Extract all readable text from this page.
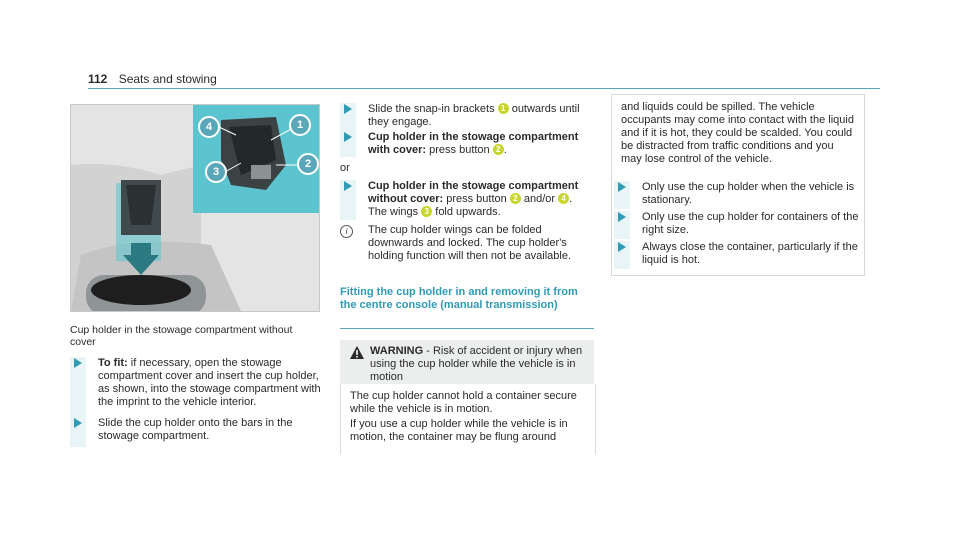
112 Seats and stowing
4	1
2
3
Cup holder in the stowage compartment without cover
To fit: if necessary, open the stowage compartment cover and insert the cup holder, as shown, into the stowage compartment with the imprint to the vehicle interior.
Slide the cup holder onto the bars in the stowage compartment.
Slide the snap-in brackets 1 outwards until they engage.
Cup holder in the stowage compartment with cover: press button 2 .
or
Cup holder in the stowage compartment without cover: press button 2 and/or 4 .
The wings 3 fold upwards.
i	The cup holder wings can be folded downwards and locked. The cup holder's holding function will then not be available.
Fitting the cup holder in and removing it from the centre console (manual transmission)
WARNING - Risk of accident or injury when using the cup holder while the vehicle is in motion
The cup holder cannot hold a container secure while the vehicle is in motion.
If you use a cup holder while the vehicle is in motion, the container may be flung around
and liquids could be spilled. The vehicle occupants may come into contact with the liquid and if it is hot, they could be scalded. You could be distracted from traffic conditions and you may lose control of the vehicle.
Only use the cup holder when the vehicle is stationary.
Only use the cup holder for containers of the right size.
Always close the container, particularly if the liquid is hot.
